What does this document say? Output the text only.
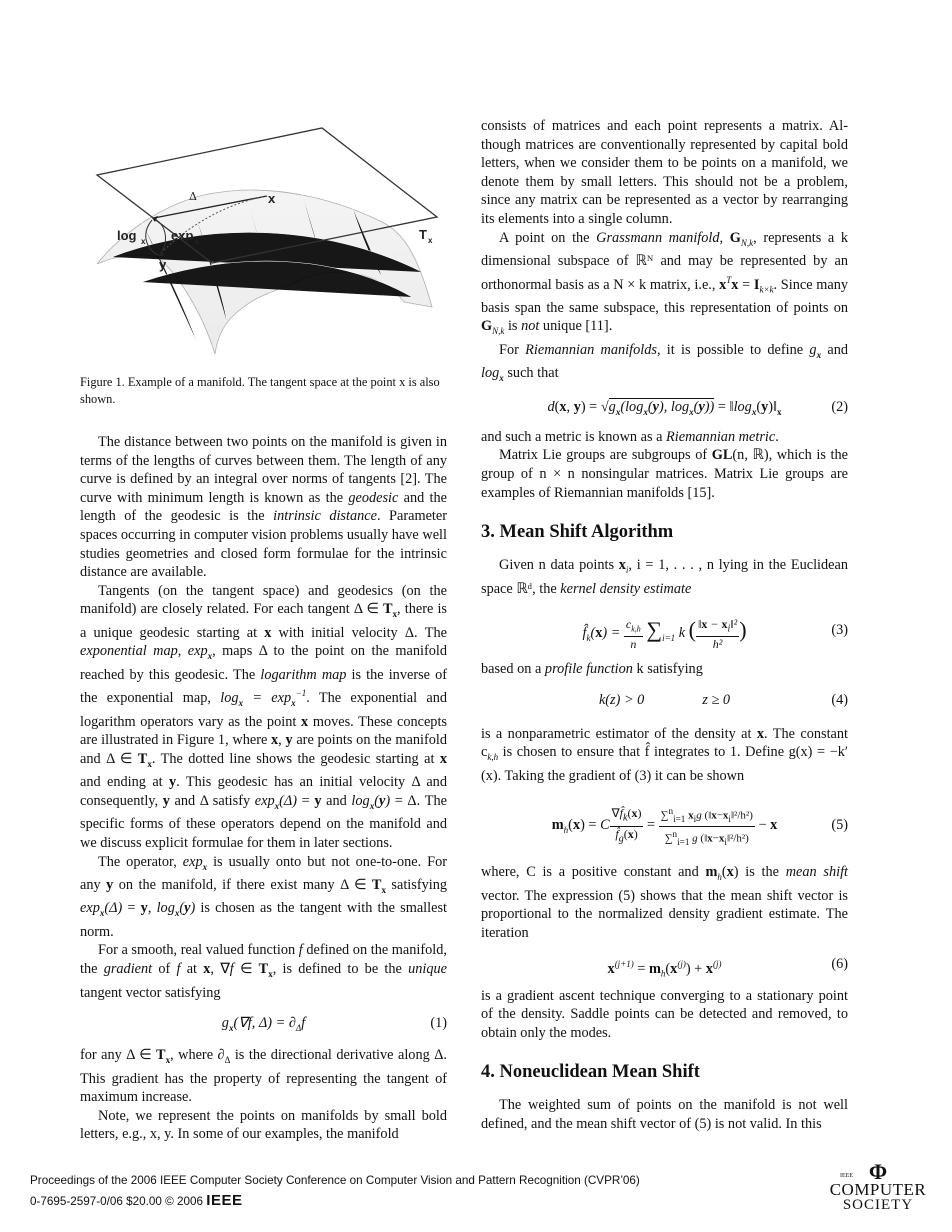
Δ	x
log x exp x
y
T x
Figure 1. Example of a manifold. The tangent space at the point x is also shown.

The distance between two points on the manifold is given in terms of the lengths of curves between them. The length of any curve is defined by an integral over norms of tangents [2]. The curve with minimum length is known as the geodesic and the length of the geodesic is the intrinsic distance. Parameter spaces occurring in computer vision problems usually have well studies geometries and closed form formulae for the intrinsic distance are available.

Tangents (on the tangent space) and geodesics (on the manifold) are closely related. For each tangent Δ ∈ $T_x$, there is a unique geodesic starting at x with initial velocity Δ. The exponential map, $\exp_x$, maps Δ to the point on the manifold reached by this geodesic. The logarithm map is the inverse of the exponential map, $\log_x = \exp_x^{-1}$. The exponential and logarithm operators vary as the point x moves. These concepts are illustrated in Figure 1, where x, y are points on the manifold and Δ ∈ $T_x$. The dotted line shows the geodesic starting at x and ending at y. This geodesic has an initial velocity Δ and consequently, y and Δ satisfy $\exp_x(\Delta) = y$ and $\log_x(y) = \Delta$. The specific forms of these operators depend on the manifold and we discuss explicit formulae for them in later sections.

The operator, $\exp_x$ is usually onto but not one-to-one. For any y on the manifold, if there exist many Δ ∈ $T_x$ satisfying $\exp_x(\Delta) = y$, $\log_x(y)$ is chosen as the tangent with the smallest norm.

For a smooth, real valued function f defined on the manifold, the gradient of f at x, ∇f ∈ $T_x$, is defined to be the unique tangent vector satisfying

$g_x(\nabla f$, $\Delta) = \partial_\Delta f$	(1)

for any Δ ∈ $T_x$, where $\partial_\Delta$ is the directional derivative along Δ. This gradient has the property of representing the tangent of maximum increase.

Note, we represent the points on manifolds by small bold letters, e.g., x, y. In some of our examples, the manifold

consists of matrices and each point represents a matrix. Although matrices are conventionally represented by capital bold letters, when we consider them to be points on a manifold, we denote them by small letters. This should not be a problem, since any matrix can be represented as a vector by rearranging its elements into a single column.

A point on the Grassmann manifold, $G_{N,k}$, represents a k dimensional subspace of ℝᴺ and may be represented by an orthonormal basis as a N × k matrix, i.e., $x^Tx = I_{k\times k}$. Since many basis span the same subspace, this representation of points on $G_{N,k}$ is not unique [11].

For Riemannian manifolds, it is possible to define $g_x$ and $\log_x$ such that

d(x, $y) = √g_x(\log_x(y)$, $\log_x(y)$) = $‖\log_x(y)‖_x$	(2)

and such a metric is known as a Riemannian metric.

Matrix Lie groups are subgroups of GL(n, ℝ), which is the group of n × n nonsingular matrices. Matrix Lie groups are examples of Riemannian manifolds [15].

3. Mean Shift Algorithm

Given n data points $x_i$, i = 1, . . . , n lying in the Euclidean space ℝᵈ, the kernel density estimate

$f̂_k(x) = \frac{c_{k,h}}{n} \sum_{i=1}$ k ( $\frac{‖x - x_i‖^2}{\text{h²}}$ )	(3)

based on a profile function k satisfying

k(z) > 0	z ≥ 0	(4)

is a nonparametric estimator of the density at x. The constant $c_{k,h}$ is chosen to ensure that f̂ integrates to 1. Define g(x) = −k′(x). Taking the gradient of (3) it can be shown

$m_h(x) = C \frac{\nabla f̂_k(x)}{f̂_g(x)} = \frac{\sum^n_{i=1} x_ig (‖x-x_i‖^2/h^2)}{\sum^n_{i=1} g (‖x-x_i‖^2/h^2)} - x$	(5)

where, C is a positive constant and $m_h(x)$ is the mean shift vector. The expression (5) shows that the mean shift vector is proportional to the normalized density gradient estimate. The iteration

$x^{(j+1)} = m_h(x^{(j)}) + x^{(j)}$	(6)

is a gradient ascent technique converging to a stationary point of the density. Saddle points can be detected and removed, to obtain only the modes.

4. Noneuclidean Mean Shift

The weighted sum of points on the manifold is not well defined, and the mean shift vector of (5) is not valid. In this

Proceedings of the 2006 IEEE Computer Society Conference on Computer Vision and Pattern Recognition (CVPR’06)
0-7695-2597-0/06 $20.00 © 2006 IEEE
Φ
IEEE
COMPUTER
SOCIETY
